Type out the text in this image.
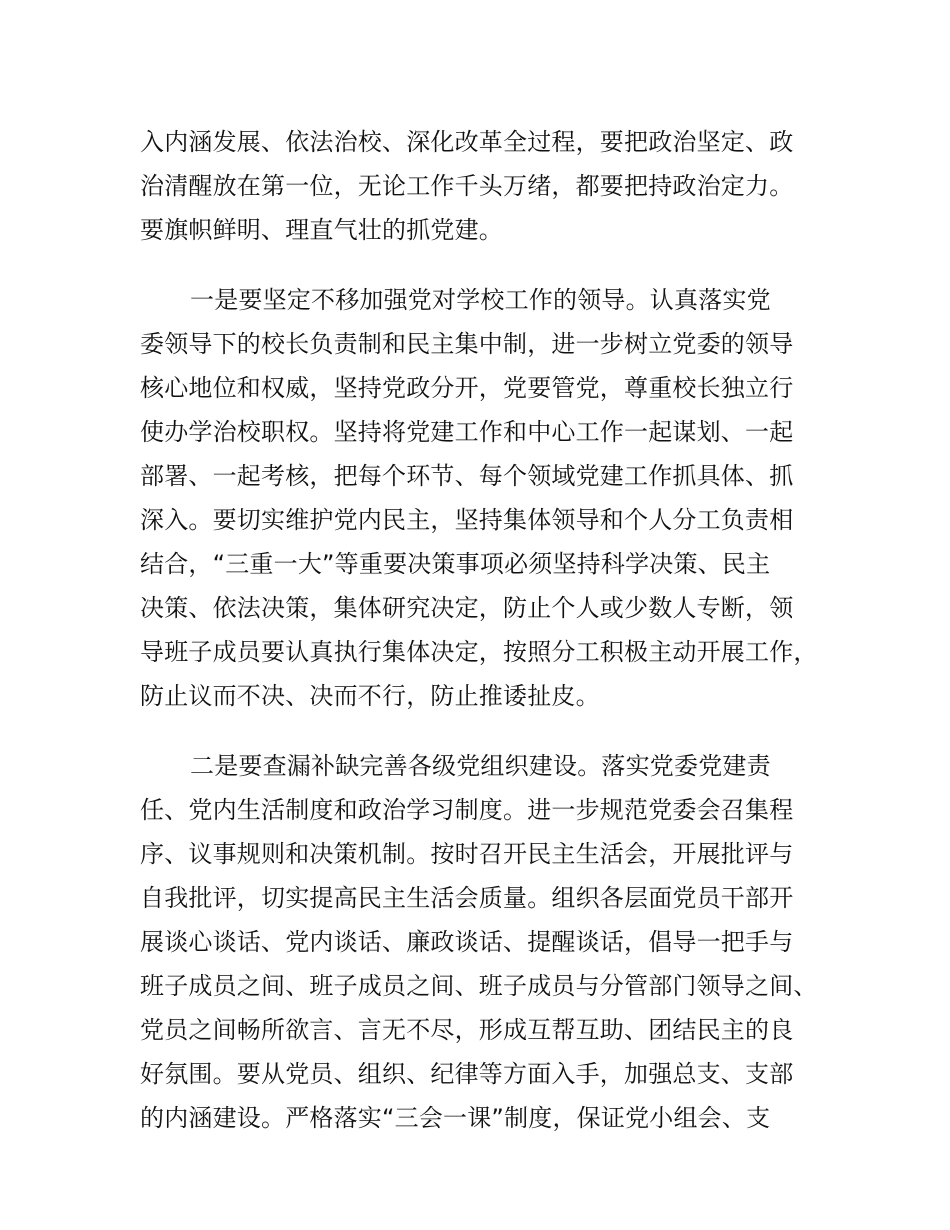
入内涵发展、依法治校、深化改革全过程，要把政治坚定、政
治清醒放在第一位，无论工作千头万绪，都要把持政治定力。
要旗帜鲜明、理直气壮的抓党建。
一是要坚定不移加强党对学校工作的领导。认真落实党
委领导下的校长负责制和民主集中制，进一步树立党委的领导
核心地位和权威，坚持党政分开，党要管党，尊重校长独立行
使办学治校职权。坚持将党建工作和中心工作一起谋划、一起
部署、一起考核，把每个环节、每个领域党建工作抓具体、抓
深入。要切实维护党内民主，坚持集体领导和个人分工负责相
结合，“三重一大”等重要决策事项必须坚持科学决策、民主
决策、依法决策，集体研究决定，防止个人或少数人专断，领
导班子成员要认真执行集体决定，按照分工积极主动开展工作，
防止议而不决、决而不行，防止推诿扯皮。
二是要查漏补缺完善各级党组织建设。落实党委党建责
任、党内生活制度和政治学习制度。进一步规范党委会召集程
序、议事规则和决策机制。按时召开民主生活会，开展批评与
自我批评，切实提高民主生活会质量。组织各层面党员干部开
展谈心谈话、党内谈话、廉政谈话、提醒谈话，倡导一把手与
班子成员之间、班子成员之间、班子成员与分管部门领导之间、
党员之间畅所欲言、言无不尽，形成互帮互助、团结民主的良
好氛围。要从党员、组织、纪律等方面入手，加强总支、支部
的内涵建设。严格落实“三会一课”制度，保证党小组会、支
